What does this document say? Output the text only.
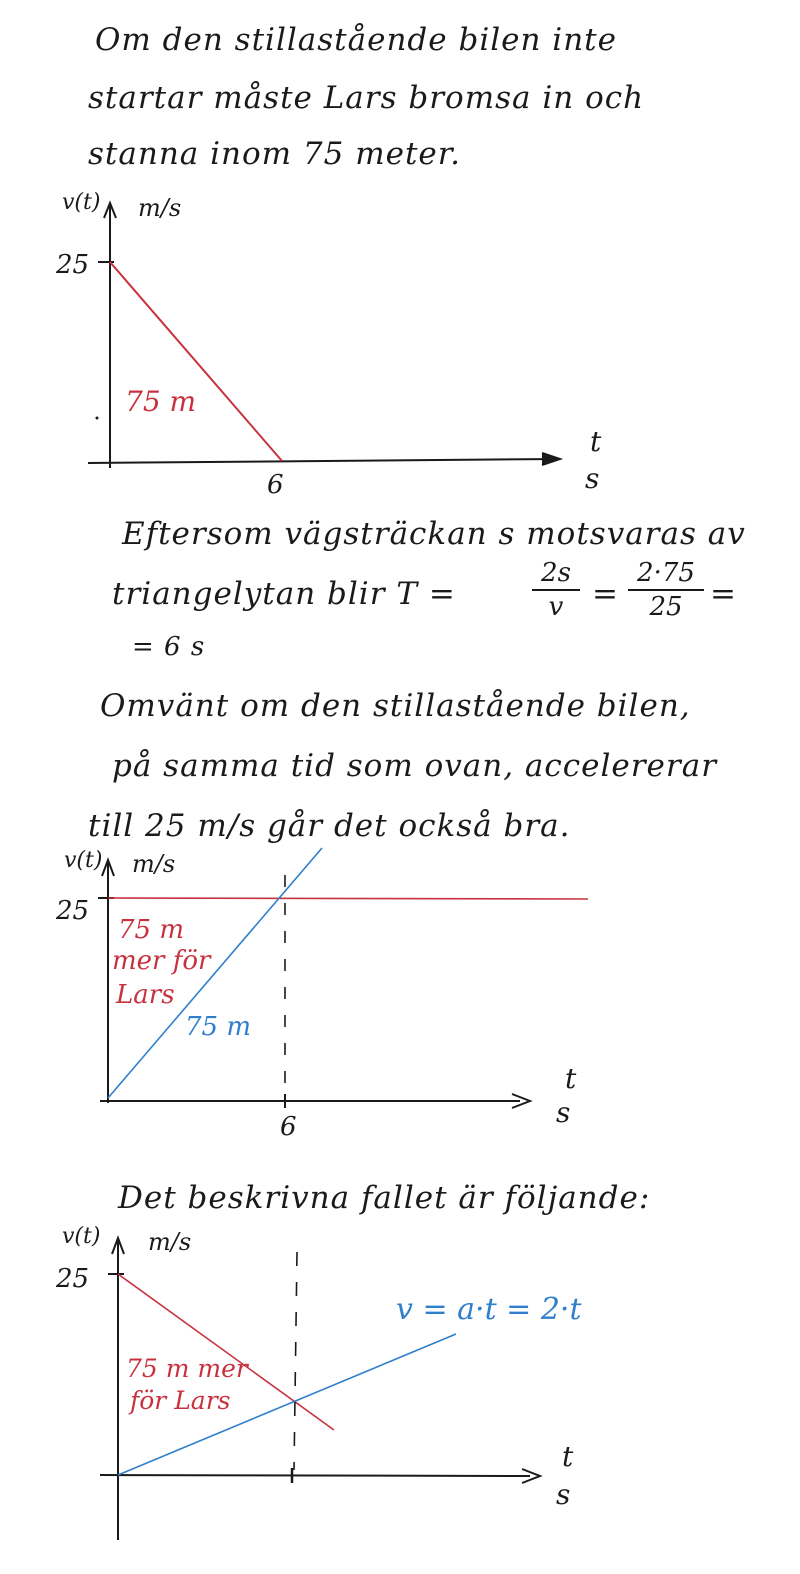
Om den stillastående bilen inte
startar måste Lars bromsa in och
stanna inom 75 meter.
v(t) m/s
25
6
t
s
75 m
Eftersom vägsträckan s motsvaras av
triangelytan blir T =
2s
v =
2·75
25 =
= 6 s
Omvänt om den stillastående bilen,
på samma tid som ovan, accelererar
till 25 m/s går det också bra.
v(t) m/s
25
6
t
s
75 m
mer för
Lars
75 m
Det beskrivna fallet är följande:
v(t) m/s
25
t
s
v = a·t = 2·t
75 m mer
för Lars
